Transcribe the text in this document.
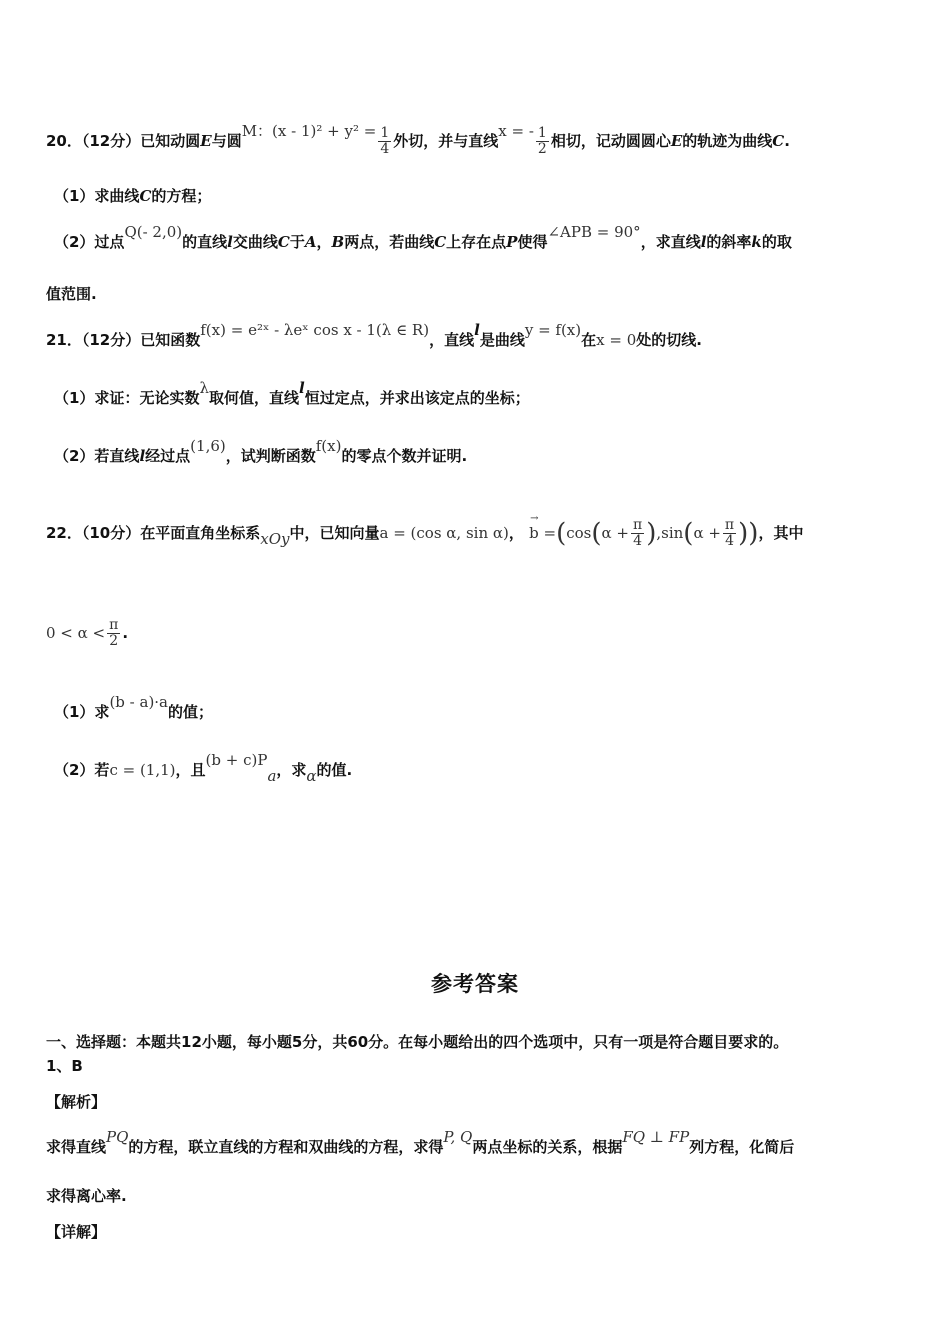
20．（12分）已知动圆E与圆M：$(x - 1)^2 + y^2 = \frac{1}{4}$ 外切，并与直线x = - $\frac{1}{2}$ 相切，记动圆圆心E的轨迹为曲线C.
（1）求曲线C的方程；
（2）过点Q(- 2,0)的直线l交曲线C于A，B两点，若曲线C上存在点P使得∠APB = 90°，求直线l的斜率k的取
值范围.
21．（12分）已知函数f(x) = e²ˣ - λeˣ cos x - 1(λ ∈ R)，直线l是曲线y = f(x)在x = 0处的切线.
（1）求证：无论实数λ取何值，直线l恒过定点，并求出该定点的坐标；
（2）若直线l经过点(1,6)，试判断函数f(x)的零点个数并证明.
22．（10分）在平面直角坐标系xOy中，已知向量a = (cos α, sin α)，
→
$b =(\cos(\alpha + \frac{\pi}{4} ),\sin(\alpha + \frac{\pi}{4}$ ))，其中
$0 < \alpha < \frac{\pi}{2}$ .
（1）求(b - a)·a的值；
（2）若c = (1,1)，且(b + c)Pa，求α的值.
参考答案
一、选择题：本题共12小题，每小题5分，共60分。在每小题给出的四个选项中，只有一项是符合题目要求的。
1、B
【解析】
求得直线PQ的方程，联立直线的方程和双曲线的方程，求得P, Q两点坐标的关系，根据FQ ⊥ FP列方程，化简后
求得离心率.
【详解】
